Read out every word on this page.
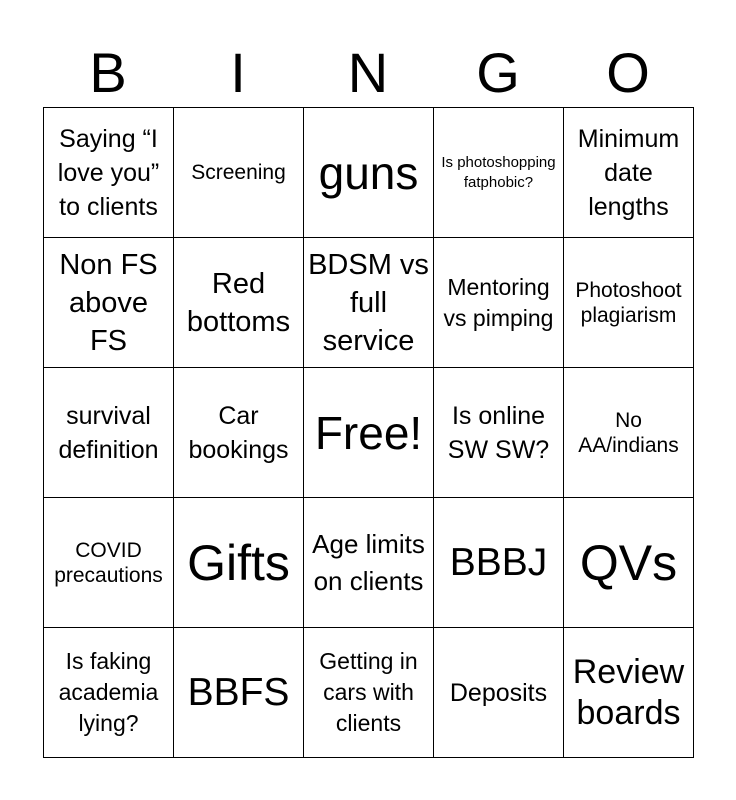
B	I	N	G	O
Saying “I love you” to clients	Screening	guns	Is photoshopping fatphobic?	Minimum date lengths
Non FS above FS	Red bottoms	BDSM vs full service	Mentoring vs pimping	Photoshoot plagiarism
survival definition	Car bookings	Free!	Is online SW SW?	No AA/indians
COVID precautions	Gifts	Age limits on clients	BBBJ	QVs
Is faking academia lying?	BBFS	Getting in cars with clients	Deposits	Review boards
